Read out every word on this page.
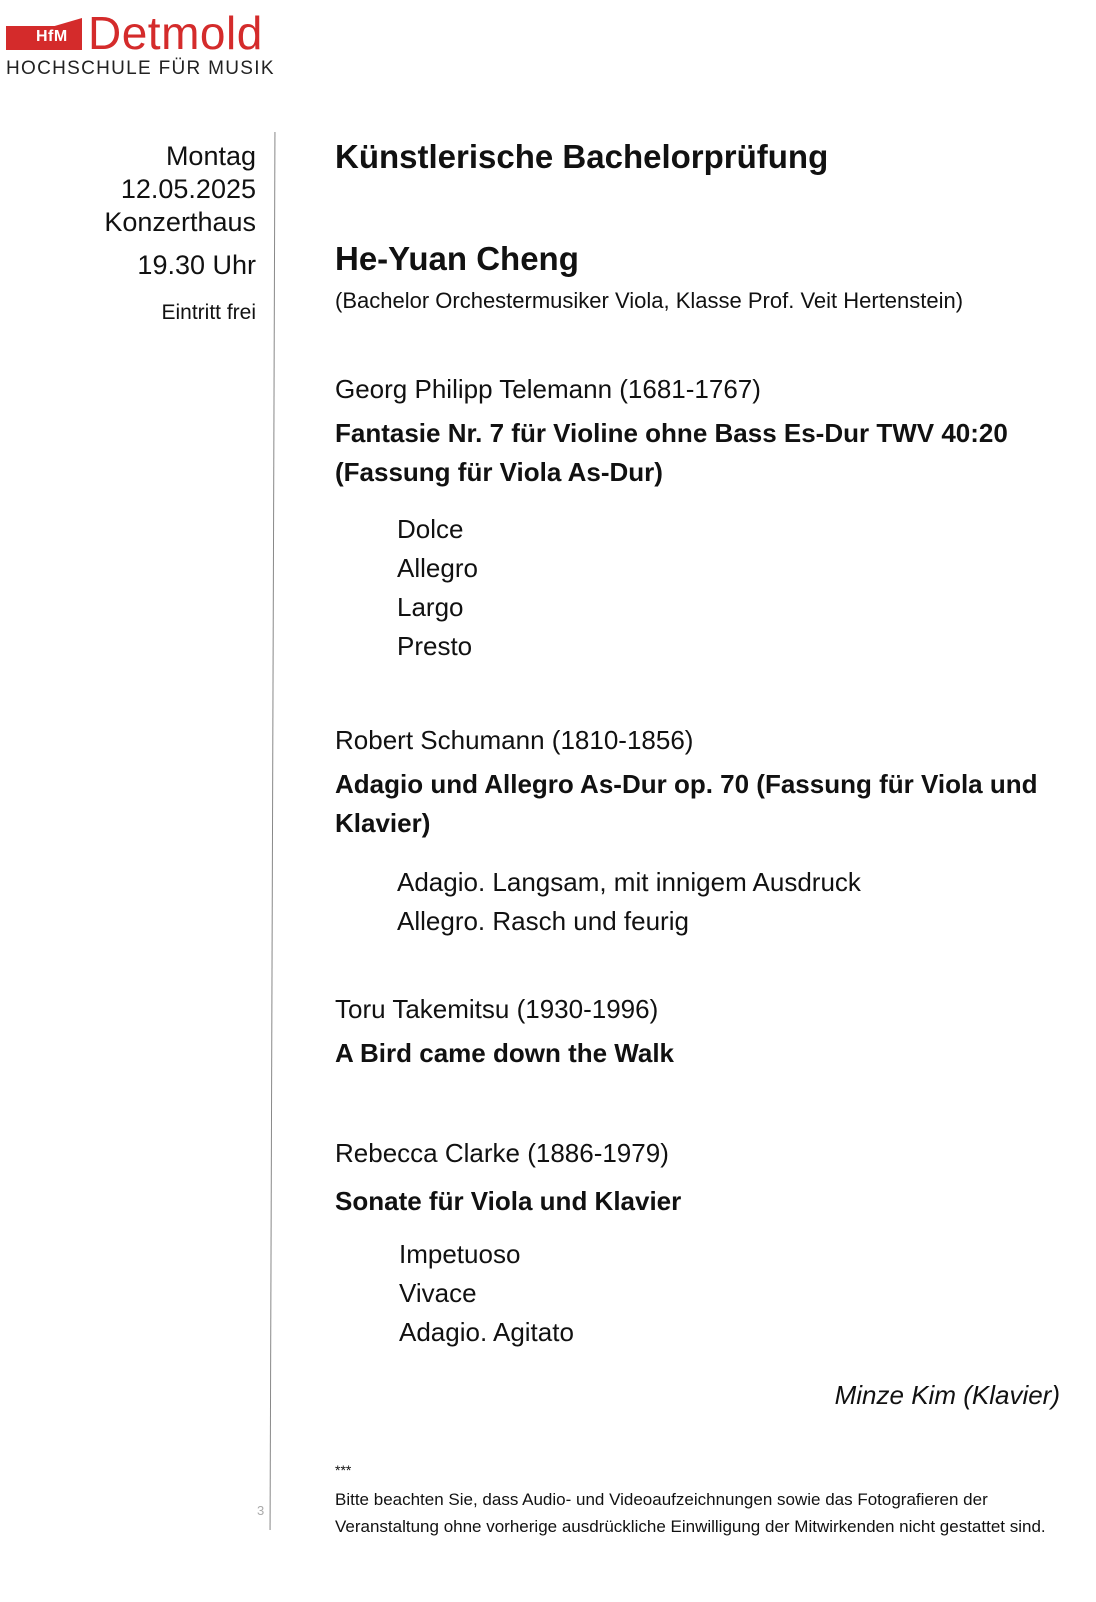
HfM Detmold
HOCHSCHULE FÜR MUSIK
Montag
12.05.2025
Konzerthaus
19.30 Uhr
Eintritt frei
3
Künstlerische Bachelorprüfung
He-Yuan Cheng
(Bachelor Orchestermusiker Viola, Klasse Prof. Veit Hertenstein)
Georg Philipp Telemann (1681-1767)
Fantasie Nr. 7 für Violine ohne Bass Es-Dur TWV 40:20 (Fassung für Viola As-Dur)
Dolce
Allegro
Largo
Presto
Robert Schumann (1810-1856)
Adagio und Allegro As-Dur op. 70 (Fassung für Viola und Klavier)
Adagio. Langsam, mit innigem Ausdruck
Allegro. Rasch und feurig
Toru Takemitsu (1930-1996)
A Bird came down the Walk
Rebecca Clarke (1886-1979)
Sonate für Viola und Klavier
Impetuoso
Vivace
Adagio. Agitato
Minze Kim (Klavier)
***
Bitte beachten Sie, dass Audio- und Videoaufzeichnungen sowie das Fotografieren der Veranstaltung ohne vorherige ausdrückliche Einwilligung der Mitwirkenden nicht gestattet sind.
